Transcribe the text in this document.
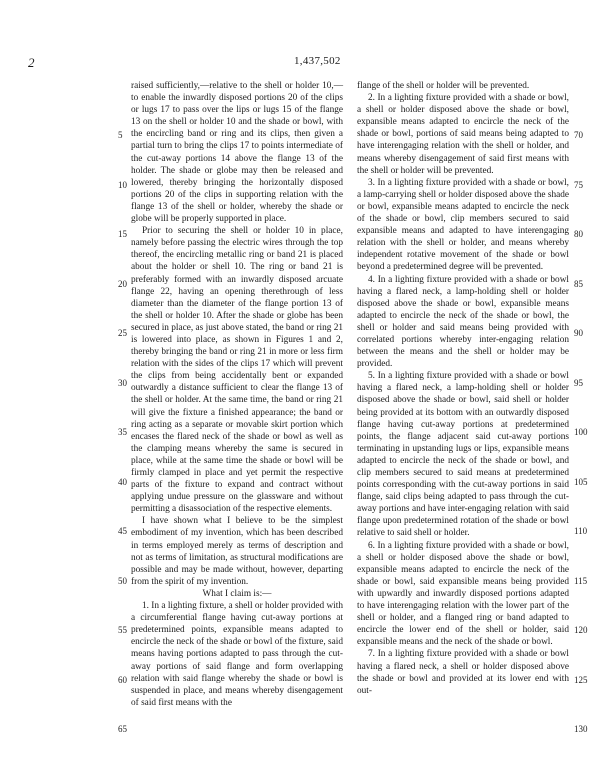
2	1,437,502

raised sufficiently,—relative to the shell or holder 10,—to enable the inwardly disposed portions 20 of the clips or lugs 17 to pass over the lips or lugs 15 of the flange 13 on the shell or holder 10 and the shade or bowl, with the encircling band or ring and its clips, then given a partial turn to bring the clips 17 to points intermediate of the cut-away portions 14 above the flange 13 of the holder. The shade or globe may then be released and lowered, thereby bringing the horizontally disposed portions 20 of the clips in supporting relation with the flange 13 of the shell or holder, whereby the shade or globe will be properly supported in place.

Prior to securing the shell or holder 10 in place, namely before passing the electric wires through the top thereof, the encircling metallic ring or band 21 is placed about the holder or shell 10. The ring or band 21 is preferably formed with an inwardly disposed arcuate flange 22, having an opening therethrough of less diameter than the diameter of the flange portion 13 of the shell or holder 10. After the shade or globe has been secured in place, as just above stated, the band or ring 21 is lowered into place, as shown in Figures 1 and 2, thereby bringing the band or ring 21 in more or less firm relation with the sides of the clips 17 which will prevent the clips from being accidentally bent or expanded outwardly a distance sufficient to clear the flange 13 of the shell or holder. At the same time, the band or ring 21 will give the fixture a finished appearance; the band or ring acting as a separate or movable skirt portion which encases the flared neck of the shade or bowl as well as the clamping means whereby the same is secured in place, while at the same time the shade or bowl will be firmly clamped in place and yet permit the respective parts of the fixture to expand and contract without applying undue pressure on the glassware and without permitting a disassociation of the respective elements.

I have shown what I believe to be the simplest embodiment of my invention, which has been described in terms employed merely as terms of description and not as terms of limitation, as structural modifications are possible and may be made without, however, departing from the spirit of my invention.

What I claim is:—

1. In a lighting fixture, a shell or holder provided with a circumferential flange having cut-away portions at predetermined points, expansible means adapted to encircle the neck of the shade or bowl of the fixture, said means having portions adapted to pass through the cut-away portions of said flange and form overlapping relation with said flange whereby the shade or bowl is suspended in place, and means whereby disengagement of said first means with the

flange of the shell or holder will be prevented.

2. In a lighting fixture provided with a shade or bowl, a shell or holder disposed above the shade or bowl, expansible means adapted to encircle the neck of the shade or bowl, portions of said means being adapted to have interengaging relation with the shell or holder, and means whereby disengagement of said first means with the shell or holder will be prevented.

3. In a lighting fixture provided with a shade or bowl, a lamp-carrying shell or holder disposed above the shade or bowl, expansible means adapted to encircle the neck of the shade or bowl, clip members secured to said expansible means and adapted to have interengaging relation with the shell or holder, and means whereby independent rotative movement of the shade or bowl beyond a predetermined degree will be prevented.

4. In a lighting fixture provided with a shade or bowl having a flared neck, a lamp-holding shell or holder disposed above the shade or bowl, expansible means adapted to encircle the neck of the shade or bowl, the shell or holder and said means being provided with correlated portions whereby inter-engaging relation between the means and the shell or holder may be provided.

5. In a lighting fixture provided with a shade or bowl having a flared neck, a lamp-holding shell or holder disposed above the shade or bowl, said shell or holder being provided at its bottom with an outwardly disposed flange having cut-away portions at predetermined points, the flange adjacent said cut-away portions terminating in upstanding lugs or lips, expansible means adapted to encircle the neck of the shade or bowl, and clip members secured to said means at predetermined points corresponding with the cut-away portions in said flange, said clips being adapted to pass through the cut-away portions and have inter-engaging relation with said flange upon predetermined rotation of the shade or bowl relative to said shell or holder.

6. In a lighting fixture provided with a shade or bowl, a shell or holder disposed above the shade or bowl, expansible means adapted to encircle the neck of the shade or bowl, said expansible means being provided with upwardly and inwardly disposed portions adapted to have interengaging relation with the lower part of the shell or holder, and a flanged ring or band adapted to encircle the lower end of the shell or holder, said expansible means and the neck of the shade or bowl.

7. In a lighting fixture provided with a shade or bowl having a flared neck, a shell or holder disposed above the shade or bowl and provided at its lower end with out-

5
10
15
20
25
30
35
40
45
50
55
60
65
70
75
80
85
90
95
100
105
110
115
120
125
130
